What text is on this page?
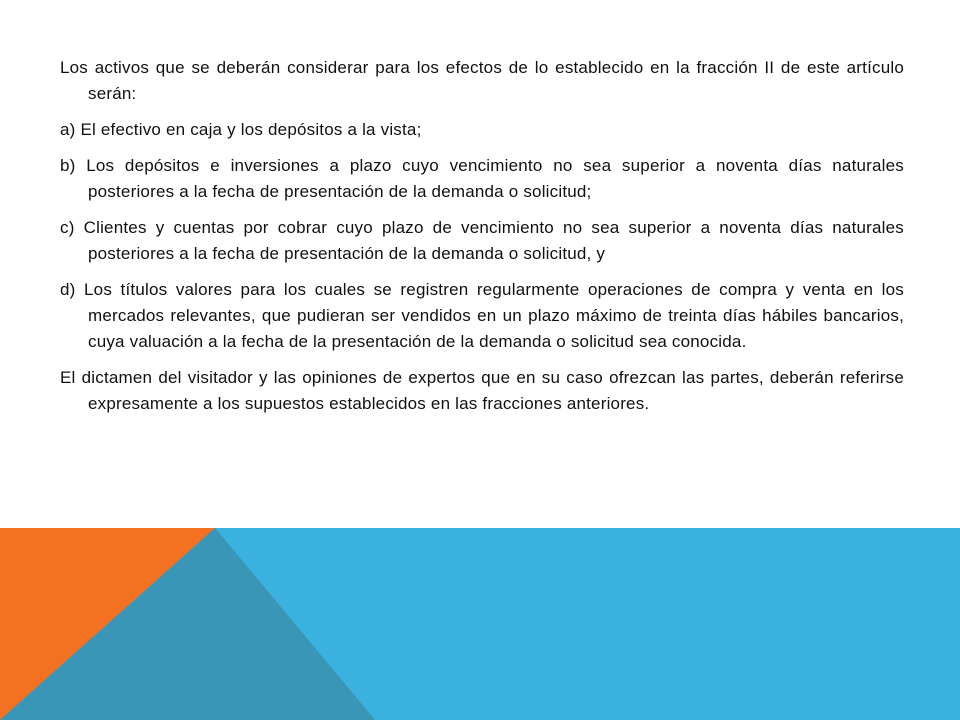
Los activos que se deberán considerar para los efectos de lo establecido en la fracción II de este artículo serán:

a) El efectivo en caja y los depósitos a la vista;

b) Los depósitos e inversiones a plazo cuyo vencimiento no sea superior a noventa días naturales posteriores a la fecha de presentación de la demanda o solicitud;

c) Clientes y cuentas por cobrar cuyo plazo de vencimiento no sea superior a noventa días naturales posteriores a la fecha de presentación de la demanda o solicitud, y

d) Los títulos valores para los cuales se registren regularmente operaciones de compra y venta en los mercados relevantes, que pudieran ser vendidos en un plazo máximo de treinta días hábiles bancarios, cuya valuación a la fecha de la presentación de la demanda o solicitud sea conocida.

El dictamen del visitador y las opiniones de expertos que en su caso ofrezcan las partes, deberán referirse expresamente a los supuestos establecidos en las fracciones anteriores.
